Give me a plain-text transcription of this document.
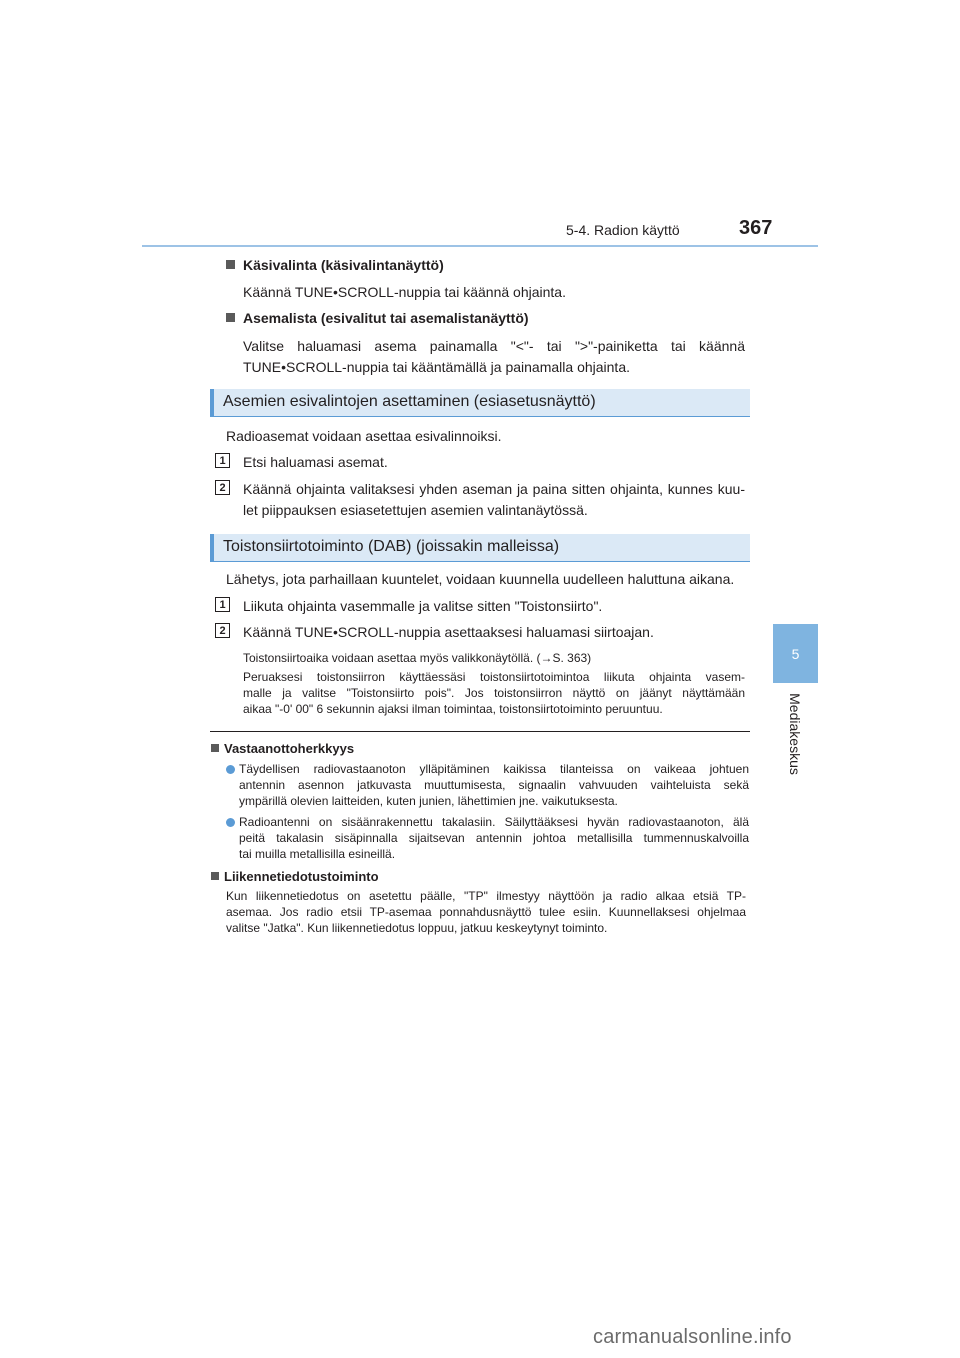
5-4. Radion käyttö	367
5
Mediakeskus
Käsivalinta (käsivalintanäyttö)
Käännä TUNE•SCROLL-nuppia tai käännä ohjainta.
Asemalista (esivalitut tai asemalistanäyttö)
Valitse haluamasi asema painamalla "<"- tai ">"-painiketta tai käännä
TUNE•SCROLL-nuppia tai kääntämällä ja painamalla ohjainta.
Asemien esivalintojen asettaminen (esiasetusnäyttö)
Radioasemat voidaan asettaa esivalinnoiksi.
1	Etsi haluamasi asemat.
2	Käännä ohjainta valitaksesi yhden aseman ja paina sitten ohjainta, kunnes kuu-
let piippauksen esiasetettujen asemien valintanäytössä.
Toistonsiirtotoiminto (DAB) (joissakin malleissa)
Lähetys, jota parhaillaan kuuntelet, voidaan kuunnella uudelleen haluttuna aikana.
1	Liikuta ohjainta vasemmalle ja valitse sitten "Toistonsiirto".
2	Käännä TUNE•SCROLL-nuppia asettaaksesi haluamasi siirtoajan.
Toistonsiirtoaika voidaan asettaa myös valikkonäytöllä. (→S. 363)
Peruaksesi toistonsiirron käyttäessäsi toistonsiirtotoimintoa liikuta ohjainta vasem-
malle ja valitse "Toistonsiirto pois". Jos toistonsiirron näyttö on jäänyt näyttämään
aikaa "-0' 00" 6 sekunnin ajaksi ilman toimintaa, toistonsiirtotoiminto peruuntuu.
Vastaanottoherkkyys
Täydellisen radiovastaanoton ylläpitäminen kaikissa tilanteissa on vaikeaa johtuen
antennin asennon jatkuvasta muuttumisesta, signaalin vahvuuden vaihteluista sekä
ympärillä olevien laitteiden, kuten junien, lähettimien jne. vaikutuksesta.
Radioantenni on sisäänrakennettu takalasiin. Säilyttääksesi hyvän radiovastaanoton, älä
peitä takalasin sisäpinnalla sijaitsevan antennin johtoa metallisilla tummennuskalvoilla
tai muilla metallisilla esineillä.
Liikennetiedotustoiminto
Kun liikennetiedotus on asetettu päälle, "TP" ilmestyy näyttöön ja radio alkaa etsiä TP-
asemaa. Jos radio etsii TP-asemaa ponnahdusnäyttö tulee esiin. Kuunnellaksesi ohjelmaa
valitse "Jatka". Kun liikennetiedotus loppuu, jatkuu keskeytynyt toiminto.
carmanualsonline.info
